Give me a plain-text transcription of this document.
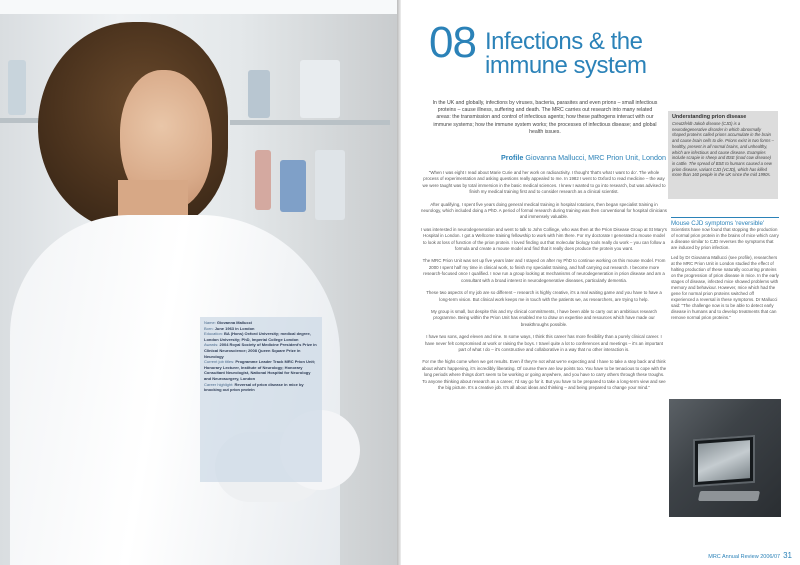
Name: Giovanna Mallucci

Born: June 1963 in London

Education: BA (Hons) Oxford University; medical degree, London University; PhD, Imperial College London

Awards: 2004 Royal Society of Medicine President's Prize in Clinical Neuroscience; 2008 Queen Square Prize in Neurology

Current job titles: Programme Leader Track MRC Prion Unit; Honorary Lecturer, Institute of Neurology; Honorary Consultant Neurologist, National Hospital for Neurology and Neurosurgery, London

Career highlight: Reversal of prion disease in mice by knocking out prion protein

08 Infections & the immune system
In the UK and globally, infections by viruses, bacteria, parasites and even prions – small infectious proteins – cause illness, suffering and death. The MRC carries out research into many related areas: the transmission and control of infectious agents; how these pathogens interact with our immune systems; how the immune system works; the processes of infectious disease; and global health issues.
Profile Giovanna Mallucci, MRC Prion Unit, London

"When I was eight I read about Marie Curie and her work on radioactivity. I thought 'that's what I want to do'. The whole process of experimentation and asking questions really appealed to me. In 1982 I went to Oxford to read medicine – the way we were taught was by total immersion in the basic medical sciences. I knew I wanted to go into research, but was advised to finish my medical training first and to consider research as a clinical scientist.

After qualifying, I spent five years doing general medical training in hospital rotations, then began specialist training in neurology, which included doing a PhD. A period of formal research during training was then conventional for hospital clinicians and immensely valuable.

I was interested in neurodegeneration and went to talk to John Collinge, who was then at the Prion Disease Group at St Mary's Hospital in London. I got a Wellcome training fellowship to work with him there. For my doctorate I generated a mouse model to look at loss of function of the prion protein. I loved finding out that molecular biology tools really do work – you can follow a formula and create a mouse model and find that it really does produce the protein you want.

The MRC Prion Unit was set up five years later and I stayed on after my PhD to continue working on this mouse model. From 2000 I spent half my time in clinical work, to finish my specialist training, and half carrying out research. I become more research-focused once I qualified. I now run a group looking at mechanisms of neurodegeneration in prion disease and am a consultant with a broad interest in neurodegenerative diseases, particularly dementia.

These two aspects of my job are so different – research is highly creative, it's a real waiting game and you have to have a long-term vision. But clinical work keeps me in touch with the patients we, as researchers, are trying to help.

My group is small, but despite this and my clinical commitments, I have been able to carry out an ambitious research programme. Being within the Prion Unit has enabled me to draw on expertise and resources which have made our breakthroughs possible.

I have two sons, aged eleven and nine. In some ways, I think this career has more flexibility than a purely clinical career. I have never felt compromised at work or raising the boys. I travel quite a lot to conferences and meetings – it's an important part of what I do – it's constructive and collaborative in a way that no other interaction is.

For me the highs come when we get results. Even if they're not what we're expecting and I have to take a step back and think about what's happening, it's incredibly liberating. Of course there are low points too. You have to be tenacious to cope with the long periods where things don't seem to be working or going anywhere, and you have to carry others through these troughs. To anyone thinking about research as a career, I'd say go for it. But you have to be prepared to take a long-term view and see the big picture. It's a creative job. It's all about ideas and thinking – and being prepared to change your mind."

Understanding prion disease
Creutzfeldt-Jakob disease (CJD) is a neurodegenerative disorder in which abnormally shaped proteins called prions accumulate in the brain and cause brain cells to die. Prions exist in two forms – healthy, present in all normal brains, and unhealthy, which are infectious and cause disease. Examples include scrapie in sheep and BSE (mad cow disease) in cattle. The spread of BSE to humans caused a new prion disease, variant CJD (vCJD), which has killed more than 160 people in the UK since the mid 1990s.
Mouse CJD symptoms 'reversible'
Scientists have now found that stopping the production of normal prion protein in the brains of mice which carry a disease similar to CJD reverses the symptoms that are induced by prion infection.
Led by Dr Giovanna Mallucci (see profile), researchers at the MRC Prion Unit in London studied the effect of halting production of these naturally occurring proteins on the progression of prion disease in mice. In the early stages of disease, infected mice showed problems with memory and behaviour. However, mice which had the gene for normal prion proteins switched off experienced a reversal in these symptoms. Dr Mallucci said: "The challenge now is to be able to detect early disease in humans and to develop treatments that can remove normal prion proteins."
MRC Annual Review 2006/07 31
